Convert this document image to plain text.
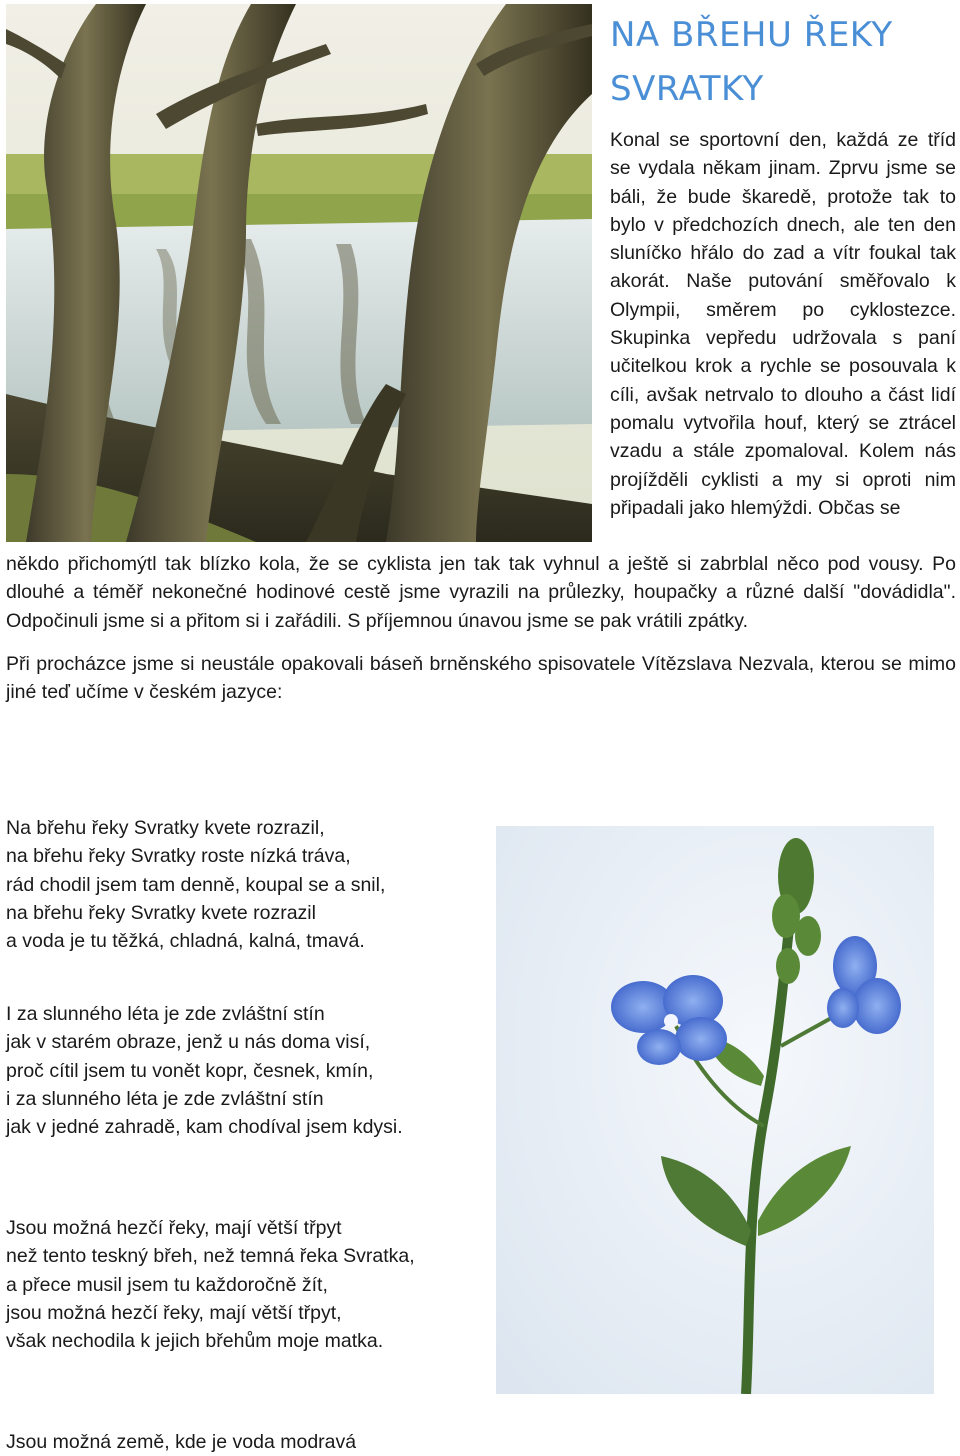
NA BŘEHU ŘEKY
SVRATKY
Konal se sportovní den, každá ze tříd se vydala někam jinam. Zprvu jsme se báli, že bude škaredě, protože tak to bylo v předchozích dnech, ale ten den sluníčko hřálo do zad a vítr foukal tak akorát. Naše putování směřovalo k Olympii, směrem po cyklostezce. Skupinka vepředu udržovala s paní učitelkou krok a rychle se posouvala k cíli, avšak netrvalo to dlouho a část lidí pomalu vytvořila houf, který se ztrácel vzadu a stále zpomaloval. Kolem nás projížděli cyklisti a my si oproti nim připadali jako hlemýždi. Občas se
někdo přichomýtl tak blízko kola, že se cyklista jen tak tak vyhnul a ještě si zabrblal něco pod vousy. Po dlouhé a téměř nekonečné hodinové cestě jsme vyrazili na průlezky, houpačky a různé další "dovádidla". Odpočinuli jsme si a přitom si i zařádili. S příjemnou únavou jsme se pak vrátili zpátky.

Při procházce jsme si neustále opakovali báseň brněnského spisovatele Vítězslava Nezvala, kterou se mimo jiné teď učíme v českém jazyce:

Na břehu řeky Svratky kvete rozrazil,
na břehu řeky Svratky roste nízká tráva,
rád chodil jsem tam denně, koupal se a snil,
na břehu řeky Svratky kvete rozrazil
a voda je tu těžká, chladná, kalná, tmavá.
I za slunného léta je zde zvláštní stín
jak v starém obraze, jenž u nás doma visí,
proč cítil jsem tu vonět kopr, česnek, kmín,
i za slunného léta je zde zvláštní stín
jak v jedné zahradě, kam chodíval jsem kdysi.
Jsou možná hezčí řeky, mají větší třpyt
než tento teskný břeh, než temná řeka Svratka,
a přece musil jsem tu každoročně žít,
jsou možná hezčí řeky, mají větší třpyt,
však nechodila k jejich břehům moje matka.
Jsou možná země, kde je voda modravá
